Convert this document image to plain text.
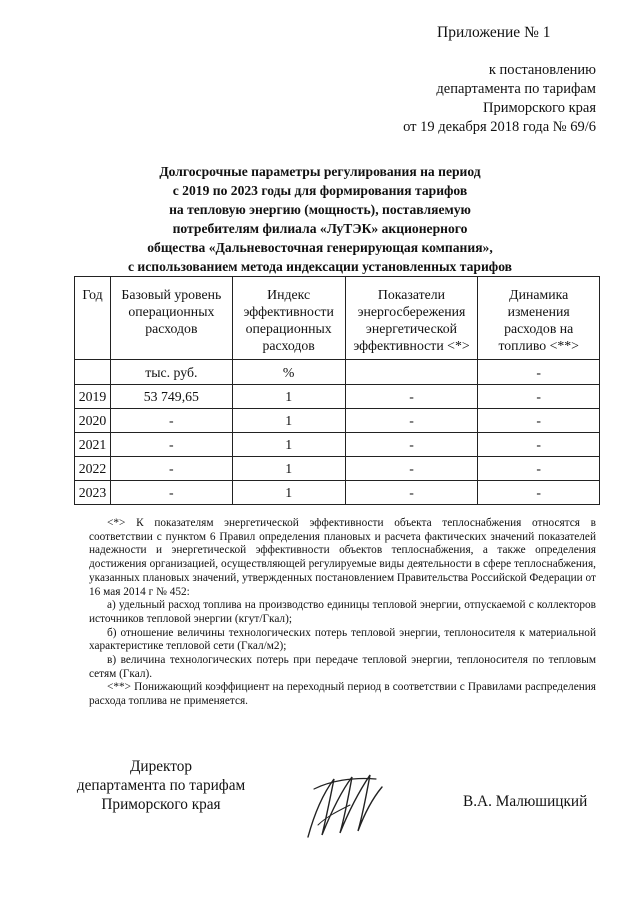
Приложение № 1
к постановлению
департамента по тарифам
Приморского края
от 19 декабря 2018 года № 69/6
Долгосрочные параметры регулирования на период
с 2019 по 2023 годы для формирования тарифов
на тепловую энергию (мощность), поставляемую
потребителям филиала «ЛуТЭК» акционерного
общества «Дальневосточная генерирующая компания»,
с использованием метода индексации установленных тарифов
Год	Базовый уровень операционных расходов	Индекс эффективности операционных расходов	Показатели энергосбережения энергетической эффективности <*>	Динамика изменения расходов на топливо <**>
	тыс. руб.	%		-
2019	53 749,65	1	-	-
2020	-	1	-	-
2021	-	1	-	-
2022	-	1	-	-
2023	-	1	-	-

<*> К показателям энергетической эффективности объекта теплоснабжения относятся в соответствии с пунктом 6 Правил определения плановых и расчета фактических значений показателей надежности и энергетической эффективности объектов теплоснабжения, а также определения достижения организацией, осуществляющей регулируемые виды деятельности в сфере теплоснабжения, указанных плановых значений, утвержденных постановлением Правительства Российской Федерации от 16 мая 2014 г № 452:

а) удельный расход топлива на производство единицы тепловой энергии, отпускаемой с коллекторов источников тепловой энергии (кгут/Гкал);

б) отношение величины технологических потерь тепловой энергии, теплоносителя к материальной характеристике тепловой сети (Гкал/м2);

в) величина технологических потерь при передаче тепловой энергии, теплоносителя по тепловым сетям (Гкал).

<**> Понижающий коэффициент на переходный период в соответствии с Правилами распределения расхода топлива не применяется.

Директор
департамента по тарифам
Приморского края	В.А. Малюшицкий
